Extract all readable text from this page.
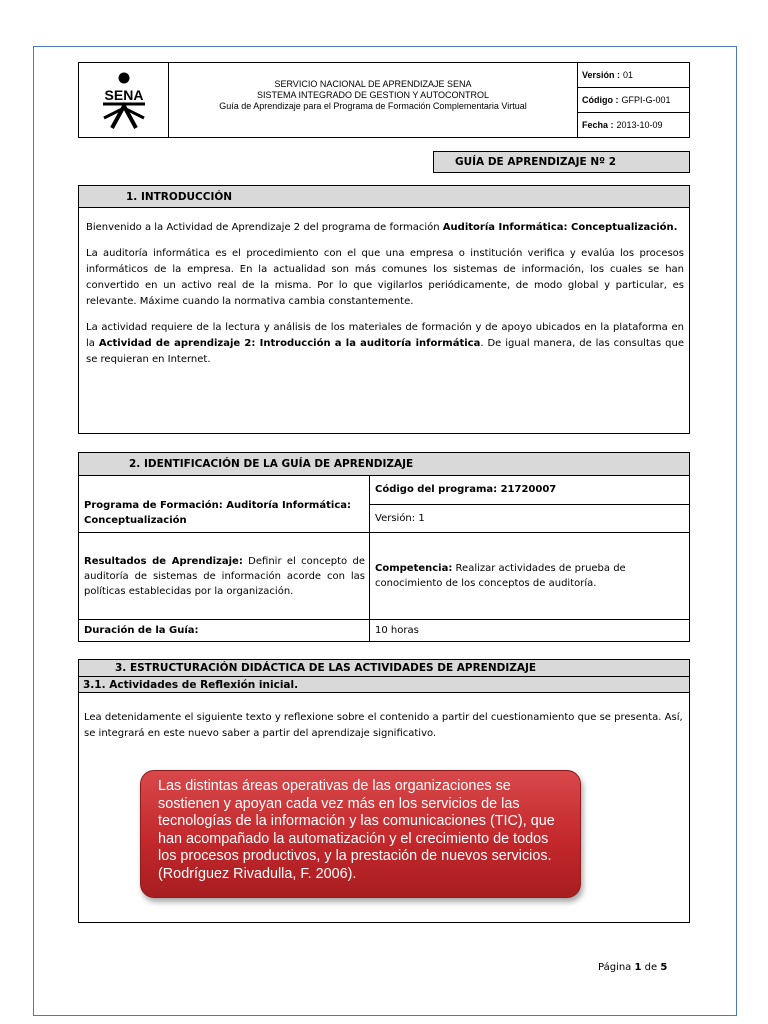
SENA
SERVICIO NACIONAL DE APRENDIZAJE SENA
SISTEMA INTEGRADO DE GESTION Y AUTOCONTROL
Guía de Aprendizaje para el Programa de Formación Complementaria Virtual
Versión : 01
Código : GFPI-G-001
Fecha : 2013-10-09
GUÍA DE APRENDIZAJE Nº 2
1. INTRODUCCIÓN

Bienvenido a la Actividad de Aprendizaje 2 del programa de formación Auditoría Informática: Conceptualización.

La auditoría informática es el procedimiento con el que una empresa o institución verifica y evalúa los procesos informáticos de la empresa. En la actualidad son más comunes los sistemas de información, los cuales se han convertido en un activo real de la misma. Por lo que vigilarlos periódicamente, de modo global y particular, es relevante. Máxime cuando la normativa cambia constantemente.

La actividad requiere de la lectura y análisis de los materiales de formación y de apoyo ubicados en la plataforma en la Actividad de aprendizaje 2: Introducción a la auditoría informática. De igual manera, de las consultas que se requieran en Internet.

2. IDENTIFICACIÓN DE LA GUÍA DE APRENDIZAJE
Programa de Formación: Auditoría Informática: Conceptualización
Código del programa: 21720007
Versión: 1
Resultados de Aprendizaje: Definir el concepto de auditoría de sistemas de información acorde con las políticas establecidas por la organización.
Competencia: Realizar actividades de prueba de conocimiento de los conceptos de auditoría.
Duración de la Guía:	10 horas
3. ESTRUCTURACIÓN DIDÁCTICA DE LAS ACTIVIDADES DE APRENDIZAJE
3.1. Actividades de Reflexión inicial.
Lea detenidamente el siguiente texto y reflexione sobre el contenido a partir del cuestionamiento que se presenta. Así, se integrará en este nuevo saber a partir del aprendizaje significativo.
Las distintas áreas operativas de las organizaciones se sostienen y apoyan cada vez más en los servicios de las tecnologías de la información y las comunicaciones (TIC), que han acompañado la automatización y el crecimiento de todos los procesos productivos, y la prestación de nuevos servicios. (Rodríguez Rivadulla, F. 2006).
Página 1 de 5
